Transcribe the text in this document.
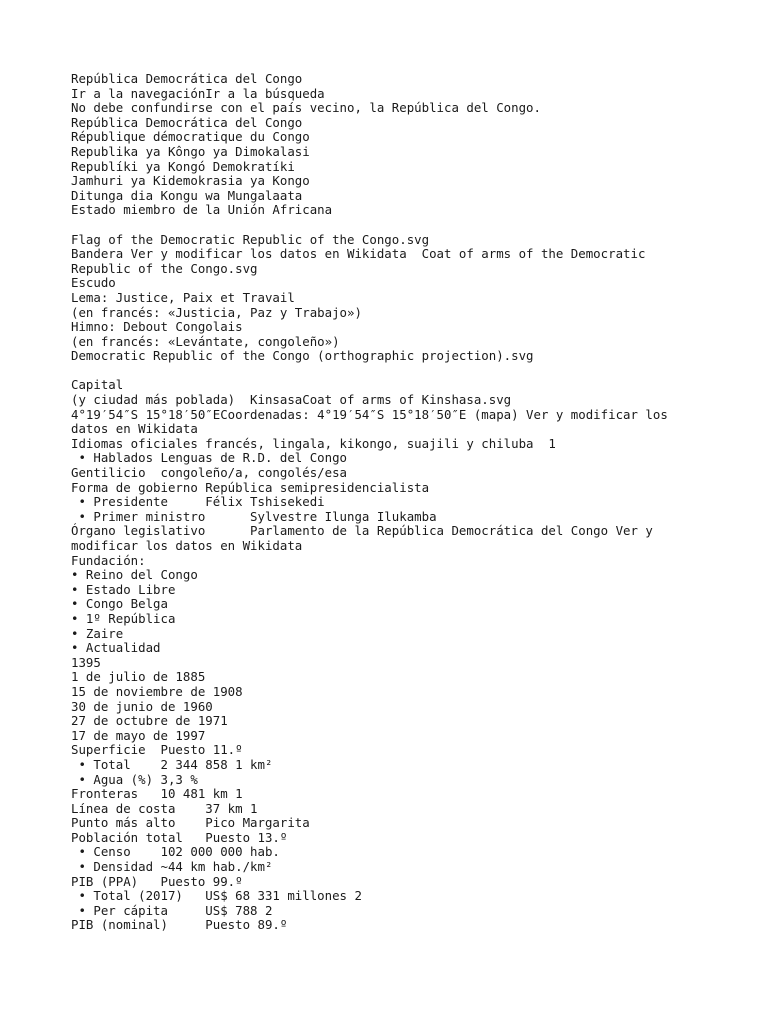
República Democrática del Congo

Ir a la navegaciónIr a la búsqueda

No debe confundirse con el país vecino, la República del Congo.

República Democrática del Congo

République démocratique du Congo

Republika ya Kôngo ya Dimokalasi

Republíki ya Kongó Demokratíki

Jamhuri ya Kidemokrasia ya Kongo

Ditunga dia Kongu wa Mungalaata

Estado miembro de la Unión Africana

Flag of the Democratic Republic of the Congo.svg

Bandera Ver y modificar los datos en Wikidata  Coat of arms of the Democratic

Republic of the Congo.svg

Escudo

Lema: Justice, Paix et Travail

(en francés: «Justicia, Paz y Trabajo»)

Himno: Debout Congolais

(en francés: «Levántate, congoleño»)

Democratic Republic of the Congo (orthographic projection).svg

Capital

(y ciudad más poblada)  KinsasaCoat of arms of Kinshasa.svg

4°19′54″S 15°18′50″ECoordenadas: 4°19′54″S 15°18′50″E (mapa) Ver y modificar los

datos en Wikidata

Idiomas oficiales francés, lingala, kikongo, suajili y chiluba  1

• Hablados Lenguas de R.D. del Congo

Gentilicio  congoleño/a, congolés/esa

Forma de gobierno República semipresidencialista

• Presidente     Félix Tshisekedi

• Primer ministro      Sylvestre Ilunga Ilukamba

Órgano legislativo      Parlamento de la República Democrática del Congo Ver y

modificar los datos en Wikidata

Fundación:

• Reino del Congo

• Estado Libre

• Congo Belga

• 1º República

• Zaire

• Actualidad

1395

1 de julio de 1885

15 de noviembre de 1908

30 de junio de 1960

27 de octubre de 1971

17 de mayo de 1997

Superficie  Puesto 11.º

• Total    2 344 858 1 km²

• Agua (%) 3,3 %

Fronteras   10 481 km 1

Línea de costa    37 km 1

Punto más alto    Pico Margarita

Población total   Puesto 13.º

• Censo    102 000 000 hab.

• Densidad ~44 km hab./km²

PIB (PPA)   Puesto 99.º

• Total (2017)   US$ 68 331 millones 2

• Per cápita     US$ 788 2

PIB (nominal)     Puesto 89.º
